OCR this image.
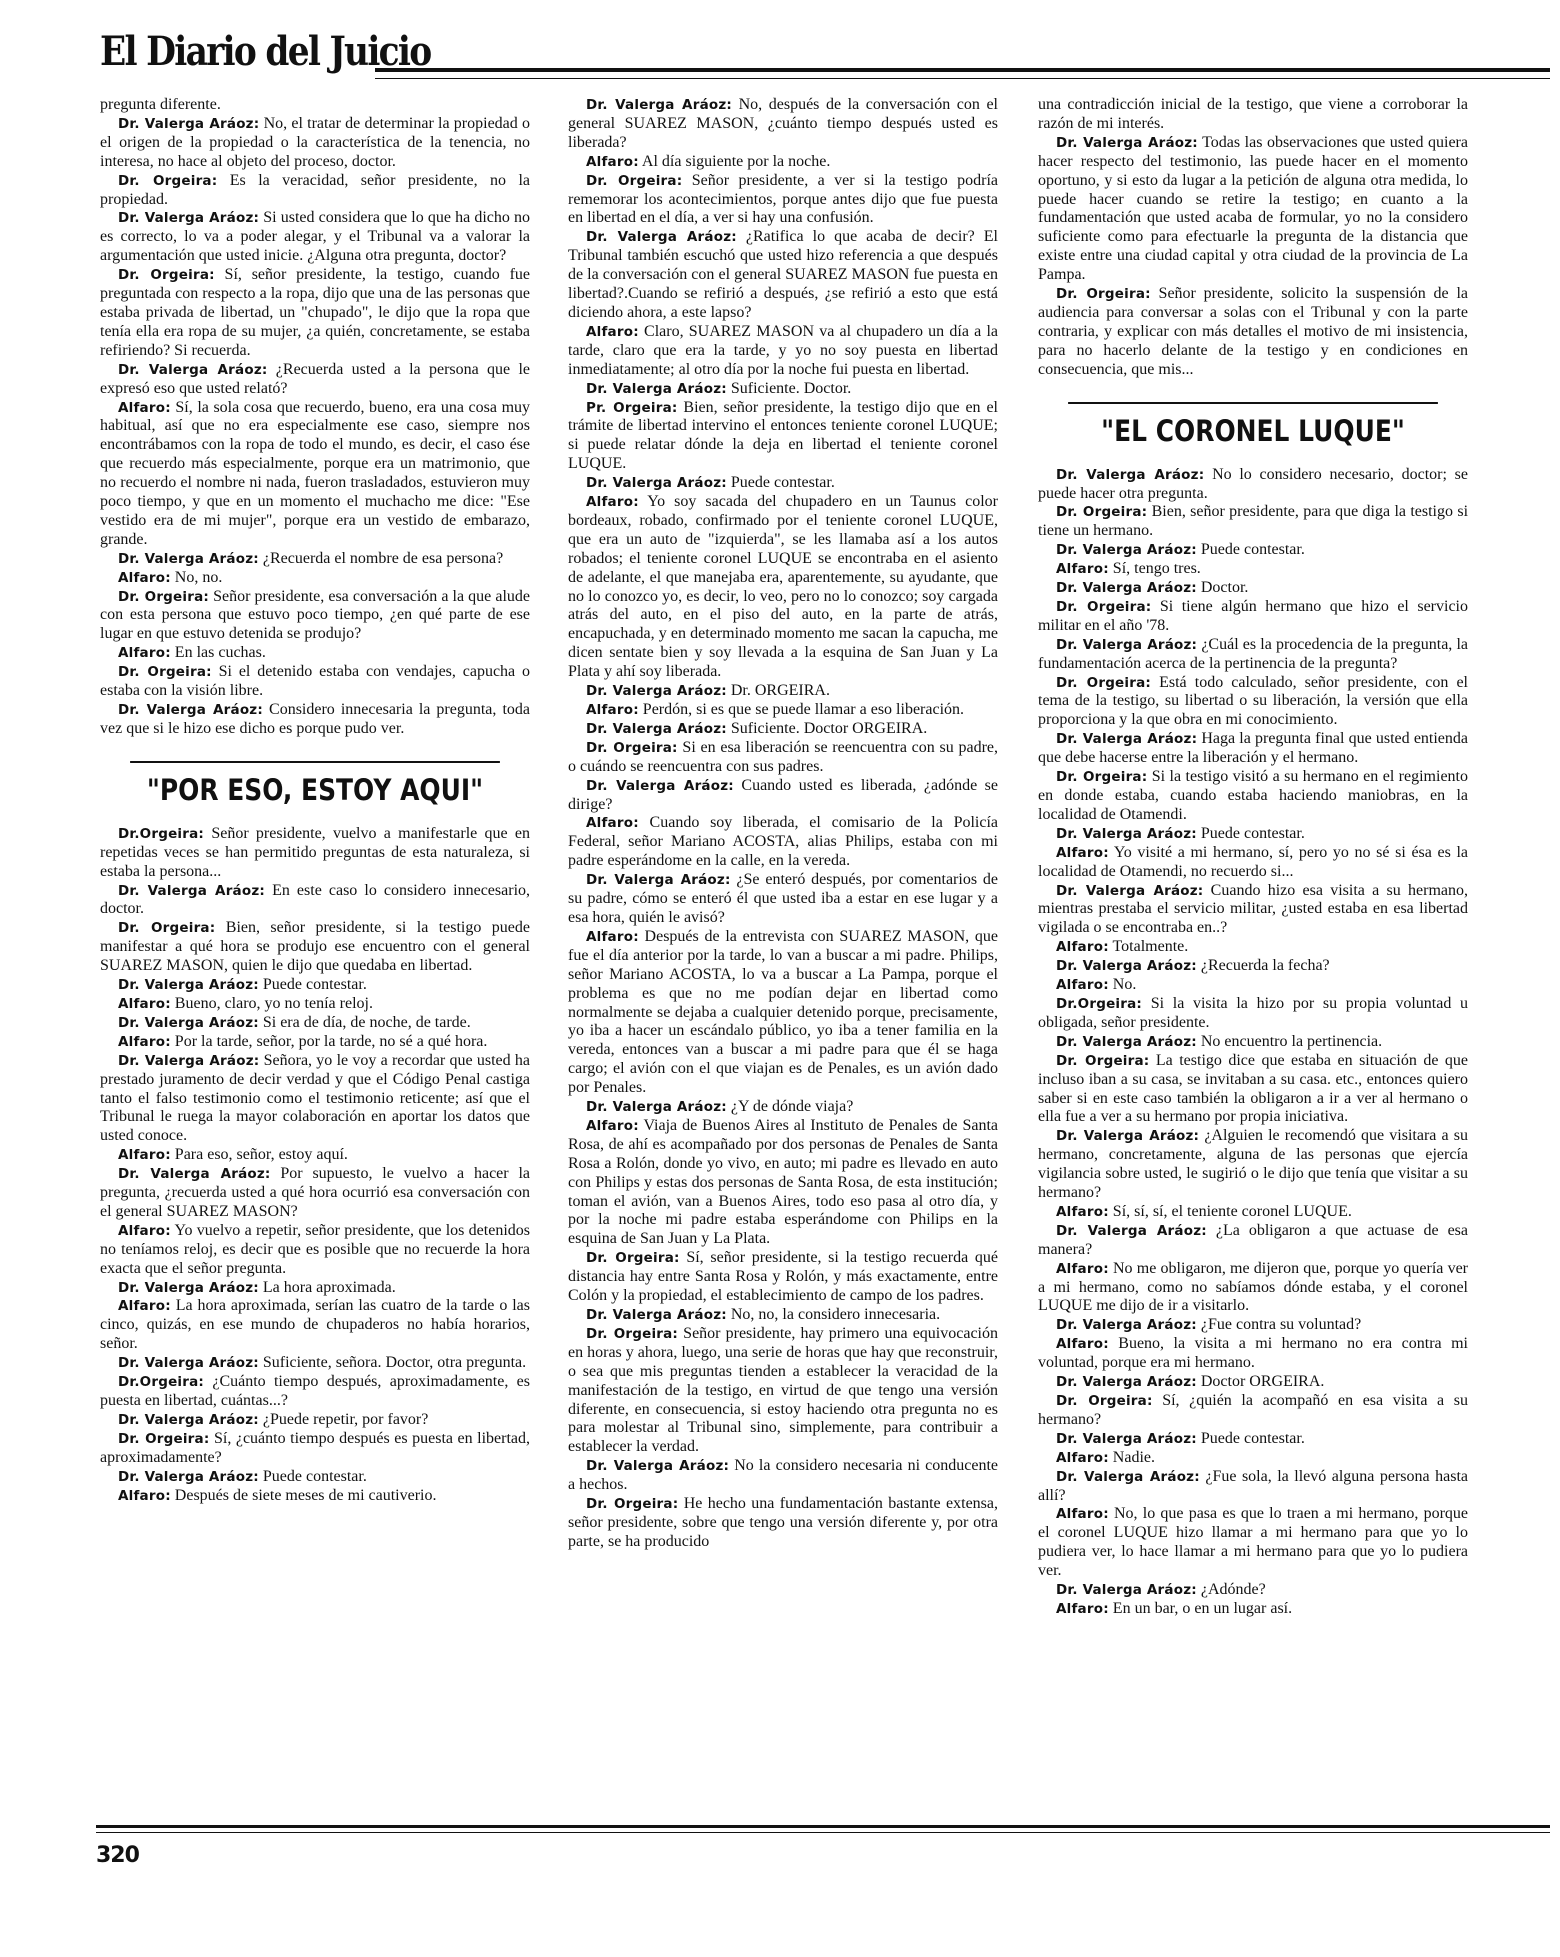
El Diario del Juicio

pregunta diferente.

Dr. Valerga Aráoz: No, el tratar de determinar la propiedad o el origen de la propiedad o la característica de la tenencia, no interesa, no hace al objeto del proceso, doctor.

Dr. Orgeira: Es la veracidad, señor presidente, no la propiedad.

Dr. Valerga Aráoz: Si usted considera que lo que ha dicho no es correcto, lo va a poder alegar, y el Tribunal va a valorar la argumentación que usted inicie. ¿Alguna otra pregunta, doctor?

Dr. Orgeira: Sí, señor presidente, la testigo, cuando fue preguntada con respecto a la ropa, dijo que una de las personas que estaba privada de libertad, un "chupado", le dijo que la ropa que tenía ella era ropa de su mujer, ¿a quién, concretamente, se estaba refiriendo? Si recuerda.

Dr. Valerga Aráoz: ¿Recuerda usted a la persona que le expresó eso que usted relató?

Alfaro: Sí, la sola cosa que recuerdo, bueno, era una cosa muy habitual, así que no era especialmente ese caso, siempre nos encontrábamos con la ropa de todo el mundo, es decir, el caso ése que recuerdo más especialmente, porque era un matrimonio, que no recuerdo el nombre ni nada, fueron trasladados, estuvieron muy poco tiempo, y que en un momento el muchacho me dice: "Ese vestido era de mi mujer", porque era un vestido de embarazo, grande.

Dr. Valerga Aráoz: ¿Recuerda el nombre de esa persona?

Alfaro: No, no.

Dr. Orgeira: Señor presidente, esa conversación a la que alude con esta persona que estuvo poco tiempo, ¿en qué parte de ese lugar en que estuvo detenida se produjo?

Alfaro: En las cuchas.

Dr. Orgeira: Si el detenido estaba con vendajes, capucha o estaba con la visión libre.

Dr. Valerga Aráoz: Considero innecesaria la pregunta, toda vez que si le hizo ese dicho es porque pudo ver.

"POR ESO, ESTOY AQUI"

Dr.Orgeira: Señor presidente, vuelvo a manifestarle que en repetidas veces se han permitido preguntas de esta naturaleza, si estaba la persona...

Dr. Valerga Aráoz: En este caso lo considero innecesario, doctor.

Dr. Orgeira: Bien, señor presidente, si la testigo puede manifestar a qué hora se produjo ese encuentro con el general SUAREZ MASON, quien le dijo que quedaba en libertad.

Dr. Valerga Aráoz: Puede contestar.

Alfaro: Bueno, claro, yo no tenía reloj.

Dr. Valerga Aráoz: Si era de día, de noche, de tarde.

Alfaro: Por la tarde, señor, por la tarde, no sé a qué hora.

Dr. Valerga Aráoz: Señora, yo le voy a recordar que usted ha prestado juramento de decir verdad y que el Código Penal castiga tanto el falso testimonio como el testimonio reticente; así que el Tribunal le ruega la mayor colaboración en aportar los datos que usted conoce.

Alfaro: Para eso, señor, estoy aquí.

Dr. Valerga Aráoz: Por supuesto, le vuelvo a hacer la pregunta, ¿recuerda usted a qué hora ocurrió esa conversación con el general SUAREZ MASON?

Alfaro: Yo vuelvo a repetir, señor presidente, que los detenidos no teníamos reloj, es decir que es posible que no recuerde la hora exacta que el señor pregunta.

Dr. Valerga Aráoz: La hora aproximada.

Alfaro: La hora aproximada, serían las cuatro de la tarde o las cinco, quizás, en ese mundo de chupaderos no había horarios, señor.

Dr. Valerga Aráoz: Suficiente, señora. Doctor, otra pregunta.

Dr.Orgeira: ¿Cuánto tiempo después, aproximadamente, es puesta en libertad, cuántas...?

Dr. Valerga Aráoz: ¿Puede repetir, por favor?

Dr. Orgeira: Sí, ¿cuánto tiempo después es puesta en libertad, aproximadamente?

Dr. Valerga Aráoz: Puede contestar.

Alfaro: Después de siete meses de mi cautiverio.

Dr. Valerga Aráoz: No, después de la conversación con el general SUAREZ MASON, ¿cuánto tiempo después usted es liberada?

Alfaro: Al día siguiente por la noche.

Dr. Orgeira: Señor presidente, a ver si la testigo podría rememorar los acontecimientos, porque antes dijo que fue puesta en libertad en el día, a ver si hay una confusión.

Dr. Valerga Aráoz: ¿Ratifica lo que acaba de decir? El Tribunal también escuchó que usted hizo referencia a que después de la conversación con el general SUAREZ MASON fue puesta en libertad?.Cuando se refirió a después, ¿se refirió a esto que está diciendo ahora, a este lapso?

Alfaro: Claro, SUAREZ MASON va al chupadero un día a la tarde, claro que era la tarde, y yo no soy puesta en libertad inmediatamente; al otro día por la noche fui puesta en libertad.

Dr. Valerga Aráoz: Suficiente. Doctor.

Pr. Orgeira: Bien, señor presidente, la testigo dijo que en el trámite de libertad intervino el entonces teniente coronel LUQUE; si puede relatar dónde la deja en libertad el teniente coronel LUQUE.

Dr. Valerga Aráoz: Puede contestar.

Alfaro: Yo soy sacada del chupadero en un Taunus color bordeaux, robado, confirmado por el teniente coronel LUQUE, que era un auto de "izquierda", se les llamaba así a los autos robados; el teniente coronel LUQUE se encontraba en el asiento de adelante, el que manejaba era, aparentemente, su ayudante, que no lo conozco yo, es decir, lo veo, pero no lo conozco; soy cargada atrás del auto, en el piso del auto, en la parte de atrás, encapuchada, y en determinado momento me sacan la capucha, me dicen sentate bien y soy llevada a la esquina de San Juan y La Plata y ahí soy liberada.

Dr. Valerga Aráoz: Dr. ORGEIRA.

Alfaro: Perdón, si es que se puede llamar a eso liberación.

Dr. Valerga Aráoz: Suficiente. Doctor ORGEIRA.

Dr. Orgeira: Si en esa liberación se reencuentra con su padre, o cuándo se reencuentra con sus padres.

Dr. Valerga Aráoz: Cuando usted es liberada, ¿adónde se dirige?

Alfaro: Cuando soy liberada, el comisario de la Policía Federal, señor Mariano ACOSTA, alias Philips, estaba con mi padre esperándome en la calle, en la vereda.

Dr. Valerga Aráoz: ¿Se enteró después, por comentarios de su padre, cómo se enteró él que usted iba a estar en ese lugar y a esa hora, quién le avisó?

Alfaro: Después de la entrevista con SUAREZ MASON, que fue el día anterior por la tarde, lo van a buscar a mi padre. Philips, señor Mariano ACOSTA, lo va a buscar a La Pampa, porque el problema es que no me podían dejar en libertad como normalmente se dejaba a cualquier detenido porque, precisamente, yo iba a hacer un escándalo público, yo iba a tener familia en la vereda, entonces van a buscar a mi padre para que él se haga cargo; el avión con el que viajan es de Penales, es un avión dado por Penales.

Dr. Valerga Aráoz: ¿Y de dónde viaja?

Alfaro: Viaja de Buenos Aires al Instituto de Penales de Santa Rosa, de ahí es acompañado por dos personas de Penales de Santa Rosa a Rolón, donde yo vivo, en auto; mi padre es llevado en auto con Philips y estas dos personas de Santa Rosa, de esta institución; toman el avión, van a Buenos Aires, todo eso pasa al otro día, y por la noche mi padre estaba esperándome con Philips en la esquina de San Juan y La Plata.

Dr. Orgeira: Sí, señor presidente, si la testigo recuerda qué distancia hay entre Santa Rosa y Rolón, y más exactamente, entre Colón y la propiedad, el establecimiento de campo de los padres.

Dr. Valerga Aráoz: No, no, la considero innecesaria.

Dr. Orgeira: Señor presidente, hay primero una equivocación en horas y ahora, luego, una serie de horas que hay que reconstruir, o sea que mis preguntas tienden a establecer la veracidad de la manifestación de la testigo, en virtud de que tengo una versión diferente, en consecuencia, si estoy haciendo otra pregunta no es para molestar al Tribunal sino, simplemente, para contribuir a establecer la verdad.

Dr. Valerga Aráoz: No la considero necesaria ni conducente a hechos.

Dr. Orgeira: He hecho una fundamentación bastante extensa, señor presidente, sobre que tengo una versión diferente y, por otra parte, se ha producido

una contradicción inicial de la testigo, que viene a corroborar la razón de mi interés.

Dr. Valerga Aráoz: Todas las observaciones que usted quiera hacer respecto del testimonio, las puede hacer en el momento oportuno, y si esto da lugar a la petición de alguna otra medida, lo puede hacer cuando se retire la testigo; en cuanto a la fundamentación que usted acaba de formular, yo no la considero suficiente como para efectuarle la pregunta de la distancia que existe entre una ciudad capital y otra ciudad de la provincia de La Pampa.

Dr. Orgeira: Señor presidente, solicito la suspensión de la audiencia para conversar a solas con el Tribunal y con la parte contraria, y explicar con más detalles el motivo de mi insistencia, para no hacerlo delante de la testigo y en condiciones en consecuencia, que mis...

"EL CORONEL LUQUE"

Dr. Valerga Aráoz: No lo considero necesario, doctor; se puede hacer otra pregunta.

Dr. Orgeira: Bien, señor presidente, para que diga la testigo si tiene un hermano.

Dr. Valerga Aráoz: Puede contestar.

Alfaro: Sí, tengo tres.

Dr. Valerga Aráoz: Doctor.

Dr. Orgeira: Si tiene algún hermano que hizo el servicio militar en el año '78.

Dr. Valerga Aráoz: ¿Cuál es la procedencia de la pregunta, la fundamentación acerca de la pertinencia de la pregunta?

Dr. Orgeira: Está todo calculado, señor presidente, con el tema de la testigo, su libertad o su liberación, la versión que ella proporciona y la que obra en mi conocimiento.

Dr. Valerga Aráoz: Haga la pregunta final que usted entienda que debe hacerse entre la liberación y el hermano.

Dr. Orgeira: Si la testigo visitó a su hermano en el regimiento en donde estaba, cuando estaba haciendo maniobras, en la localidad de Otamendi.

Dr. Valerga Aráoz: Puede contestar.

Alfaro: Yo visité a mi hermano, sí, pero yo no sé si ésa es la localidad de Otamendi, no recuerdo si...

Dr. Valerga Aráoz: Cuando hizo esa visita a su hermano, mientras prestaba el servicio militar, ¿usted estaba en esa libertad vigilada o se encontraba en..?

Alfaro: Totalmente.

Dr. Valerga Aráoz: ¿Recuerda la fecha?

Alfaro: No.

Dr.Orgeira: Si la visita la hizo por su propia voluntad u obligada, señor presidente.

Dr. Valerga Aráoz: No encuentro la pertinencia.

Dr. Orgeira: La testigo dice que estaba en situación de que incluso iban a su casa, se invitaban a su casa. etc., entonces quiero saber si en este caso también la obligaron a ir a ver al hermano o ella fue a ver a su hermano por propia iniciativa.

Dr. Valerga Aráoz: ¿Alguien le recomendó que visitara a su hermano, concretamente, alguna de las personas que ejercía vigilancia sobre usted, le sugirió o le dijo que tenía que visitar a su hermano?

Alfaro: Sí, sí, sí, el teniente coronel LUQUE.

Dr. Valerga Aráoz: ¿La obligaron a que actuase de esa manera?

Alfaro: No me obligaron, me dijeron que, porque yo quería ver a mi hermano, como no sabíamos dónde estaba, y el coronel LUQUE me dijo de ir a visitarlo.

Dr. Valerga Aráoz: ¿Fue contra su voluntad?

Alfaro: Bueno, la visita a mi hermano no era contra mi voluntad, porque era mi hermano.

Dr. Valerga Aráoz: Doctor ORGEIRA.

Dr. Orgeira: Sí, ¿quién la acompañó en esa visita a su hermano?

Dr. Valerga Aráoz: Puede contestar.

Alfaro: Nadie.

Dr. Valerga Aráoz: ¿Fue sola, la llevó alguna persona hasta allí?

Alfaro: No, lo que pasa es que lo traen a mi hermano, porque el coronel LUQUE hizo llamar a mi hermano para que yo lo pudiera ver, lo hace llamar a mi hermano para que yo lo pudiera ver.

Dr. Valerga Aráoz: ¿Adónde?

Alfaro: En un bar, o en un lugar así.

320
